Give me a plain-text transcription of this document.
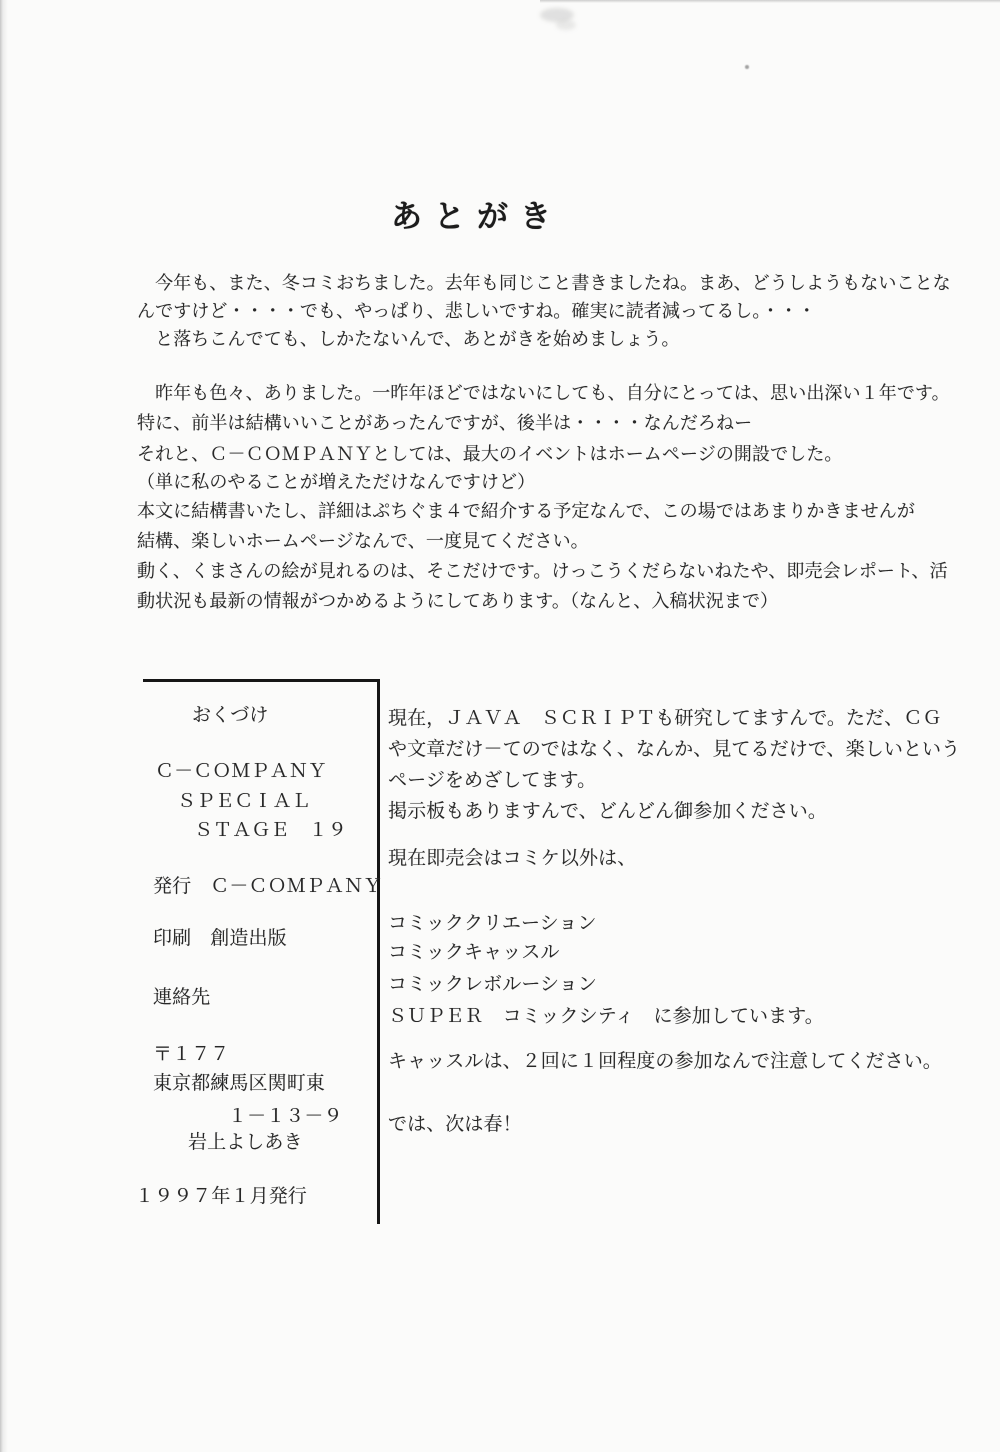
あとがき
　今年も、また、冬コミおちました。去年も同じこと書きましたね。まあ、どうしようもないことな
んですけど・・・・でも、やっぱり、悲しいですね。確実に読者減ってるし。・・・
　と落ちこんでても、しかたないんで、あとがきを始めましょう。
　昨年も色々、ありました。一昨年ほどではないにしても、自分にとっては、思い出深い１年です。
特に、前半は結構いいことがあったんですが、後半は・・・・なんだろねー
それと、Ｃ－ＣＯＭＰＡＮＹとしては、最大のイベントはホームページの開設でした。
（単に私のやることが増えただけなんですけど）
本文に結構書いたし、詳細はぷちぐま４で紹介する予定なんで、この場ではあまりかきませんが
結構、楽しいホームページなんで、一度見てください。
動く、くまさんの絵が見れるのは、そこだけです。けっこうくだらないねたや、即売会レポート、活
動状況も最新の情報がつかめるようにしてあります。（なんと、入稿状況まで）
おくづけ
Ｃ－ＣＯＭＰＡＮＹ
ＳＰＥＣＩＡＬ
ＳＴＡＧＥ　１９
発行　Ｃ－ＣＯＭＰＡＮＹ
印刷　創造出版
連絡先
〒１７７
東京都練馬区関町東
１－１３－９
岩上よしあき
１９９７年１月発行
現在，ＪＡＶＡ　ＳＣＲＩＰＴも研究してますんで。ただ、ＣＧ
や文章だけ－てのではなく、なんか、見てるだけで、楽しいという
ページをめざしてます。
掲示板もありますんで、どんどん御参加ください。
現在即売会はコミケ以外は、
コミッククリエーション
コミックキャッスル
コミックレボルーション
ＳＵＰＥＲ　コミックシティ　に参加しています。
キャッスルは、２回に１回程度の参加なんで注意してください。
では、次は春！
